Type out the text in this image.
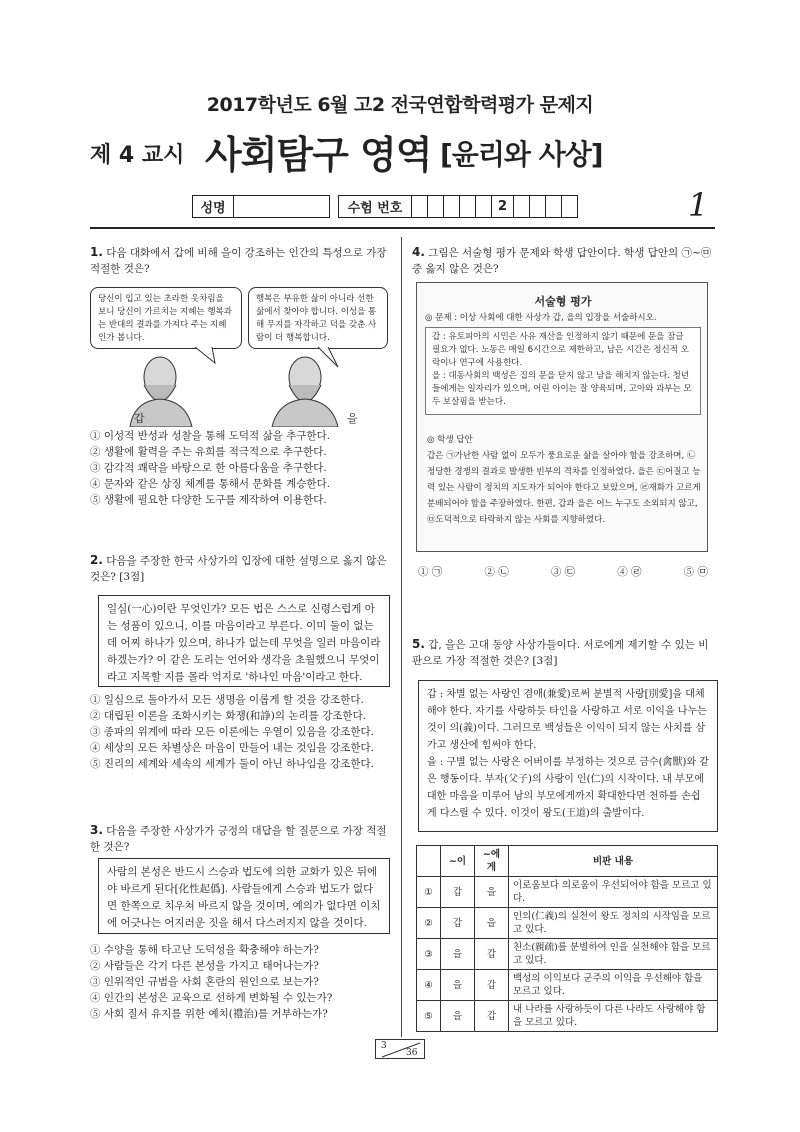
2017학년도 6월 고2 전국연합학력평가 문제지
제 4 교시 사회탐구 영역 [윤리와 사상]
1
성명	수험 번호	2
1. 다음 대화에서 갑에 비해 을이 강조하는 인간의 특성으로 가장 적절한 것은?
당신이 입고 있는 초라한 옷차림을 보니 당신이 가르치는 지혜는 행복과는 반대의 결과를 가져다 주는 지혜인가 봅니다.
행복은 부유한 삶이 아니라 선한 삶에서 찾아야 합니다. 이성을 통해 무지를 자각하고 덕을 갖춘 사람이 더 행복합니다.
갑	을
① 이성적 반성과 성찰을 통해 도덕적 삶을 추구한다.
② 생활에 활력을 주는 유희를 적극적으로 추구한다.
③ 감각적 쾌락을 바탕으로 한 아름다움을 추구한다.
④ 문자와 같은 상징 체계를 통해서 문화를 계승한다.
⑤ 생활에 필요한 다양한 도구를 제작하여 이용한다.
2. 다음을 주장한 한국 사상가의 입장에 대한 설명으로 옳지 않은 것은? [3점]
일심(一心)이란 무엇인가? 모든 법은 스스로 신령스럽게 아는 성품이 있으니, 이를 마음이라고 부른다. 이미 둘이 없는데 어찌 하나가 있으며, 하나가 없는데 무엇을 일러 마음이라 하겠는가? 이 같은 도리는 언어와 생각을 초월했으니 무엇이라고 지목할 지를 몰라 억지로 '하나인 마음'이라고 한다.
① 일심으로 돌아가서 모든 생명을 이롭게 할 것을 강조한다.
② 대립된 이론을 조화시키는 화쟁(和諍)의 논리를 강조한다.
③ 종파의 위계에 따라 모든 이론에는 우열이 있음을 강조한다.
④ 세상의 모든 차별상은 마음이 만들어 내는 것임을 강조한다.
⑤ 진리의 세계와 세속의 세계가 둘이 아닌 하나임을 강조한다.
3. 다음을 주장한 사상가가 긍정의 대답을 할 질문으로 가장 적절한 것은?
사람의 본성은 반드시 스승과 법도에 의한 교화가 있은 뒤에야 바르게 된다[化性起僞]. 사람들에게 스승과 법도가 없다면 한쪽으로 치우쳐 바르지 않을 것이며, 예의가 없다면 이치에 어긋나는 어지러운 짓을 해서 다스려지지 않을 것이다.
① 수양을 통해 타고난 도덕성을 확충해야 하는가?
② 사람들은 각기 다른 본성을 가지고 태어나는가?
③ 인위적인 규범을 사회 혼란의 원인으로 보는가?
④ 인간의 본성은 교육으로 선하게 변화될 수 있는가?
⑤ 사회 질서 유지를 위한 예치(禮治)를 거부하는가?
4. 그림은 서술형 평가 문제와 학생 답안이다. 학생 답안의 ㉠~㉤ 중 옳지 않은 것은?
서술형 평가
◎ 문제 : 이상 사회에 대한 사상가 갑, 을의 입장을 서술하시오.
갑 : 유토피아의 시민은 사유 재산을 인정하지 않기 때문에 문을 잠글 필요가 없다. 노동은 매일 6시간으로 제한하고, 남은 시간은 정신적 오락이나 연구에 사용한다.
을 : 대동사회의 백성은 집의 문을 닫지 않고 남을 해치지 않는다. 청년들에게는 일자리가 있으며, 어린 아이는 잘 양육되며, 고아와 과부는 모두 보살핌을 받는다.
◎ 학생 답안
갑은 ㉠가난한 사람 없이 모두가 풍요로운 삶을 살아야 함을 강조하며, ㉡정당한 경쟁의 결과로 발생한 빈부의 격차를 인정하였다. 을은 ㉢어질고 능력 있는 사람이 정치의 지도자가 되어야 한다고 보았으며, ㉣재화가 고르게 분배되어야 함을 주장하였다. 한편, 갑과 을은 어느 누구도 소외되지 않고, ㉤도덕적으로 타락하지 않는 사회를 지향하였다.
① ㉠	② ㉡	③ ㉢	④ ㉣	⑤ ㉤
5. 갑, 을은 고대 동양 사상가들이다. 서로에게 제기할 수 있는 비판으로 가장 적절한 것은? [3점]
갑 : 차별 없는 사랑인 겸애(兼愛)로써 분별적 사랑[別愛]을 대체해야 한다. 자기를 사랑하듯 타인을 사랑하고 서로 이익을 나누는 것이 의(義)이다. 그러므로 백성들은 이익이 되지 않는 사치를 삼가고 생산에 힘써야 한다.
을 : 구별 없는 사랑은 어버이를 부정하는 것으로 금수(禽獸)와 같은 행동이다. 부자(父子)의 사랑이 인(仁)의 시작이다. 내 부모에 대한 마음을 미루어 남의 부모에게까지 확대한다면 천하를 손쉽게 다스릴 수 있다. 이것이 왕도(王道)의 출발이다.
	~이	~에게	비판 내용
①	갑	을	이로움보다 의로움이 우선되어야 함을 모르고 있다.
②	갑	을	인의(仁義)의 실천이 왕도 정치의 시작임을 모르고 있다.
③	을	갑	친소(親疏)를 분별하여 인을 실천해야 함을 모르고 있다.
④	을	갑	백성의 이익보다 군주의 이익을 우선해야 함을 모르고 있다.
⑤	을	갑	내 나라를 사랑하듯이 다른 나라도 사랑해야 함을 모르고 있다.
3
36
